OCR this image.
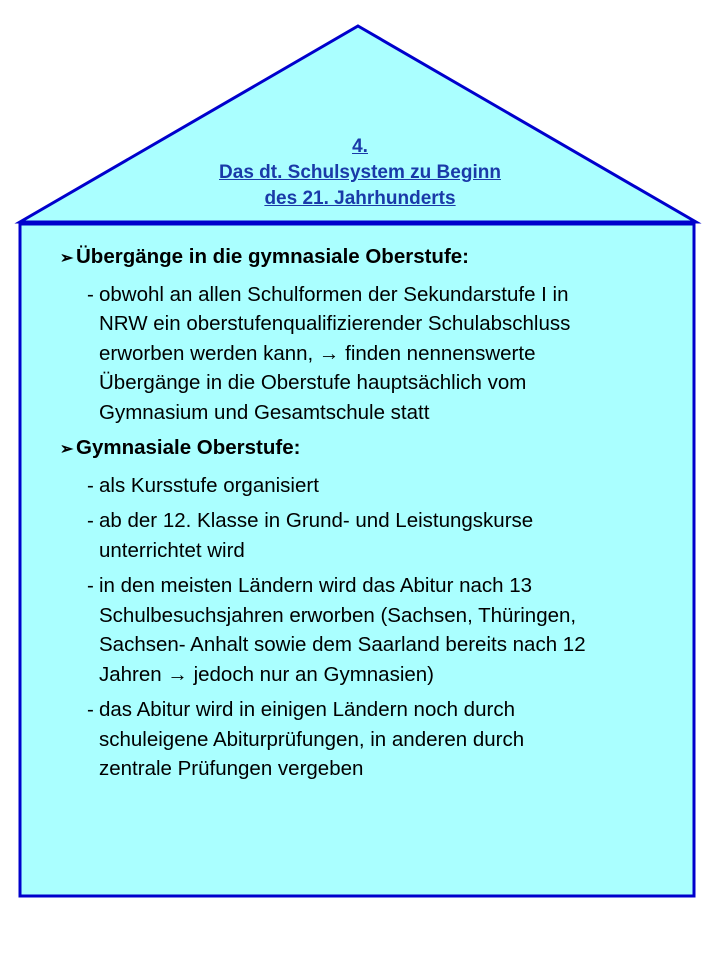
4.
Das dt. Schulsystem zu Beginn
des 21. Jahrhunderts
➢ Übergänge in die gymnasiale Oberstufe:
- obwohl an allen Schulformen der Sekundarstufe I in
NRW ein oberstufenqualifizierender Schulabschluss
erworben werden kann, → finden nennenswerte
Übergänge in die Oberstufe hauptsächlich vom
Gymnasium und Gesamtschule statt
➢ Gymnasiale Oberstufe:
- als Kursstufe organisiert
- ab der 12. Klasse in Grund- und Leistungskurse
unterrichtet wird
- in den meisten Ländern wird das Abitur nach 13
Schulbesuchsjahren erworben (Sachsen, Thüringen,
Sachsen- Anhalt sowie dem Saarland bereits nach 12
Jahren → jedoch nur an Gymnasien)
- das Abitur wird in einigen Ländern noch durch
schuleigene Abiturprüfungen, in anderen durch
zentrale Prüfungen vergeben
